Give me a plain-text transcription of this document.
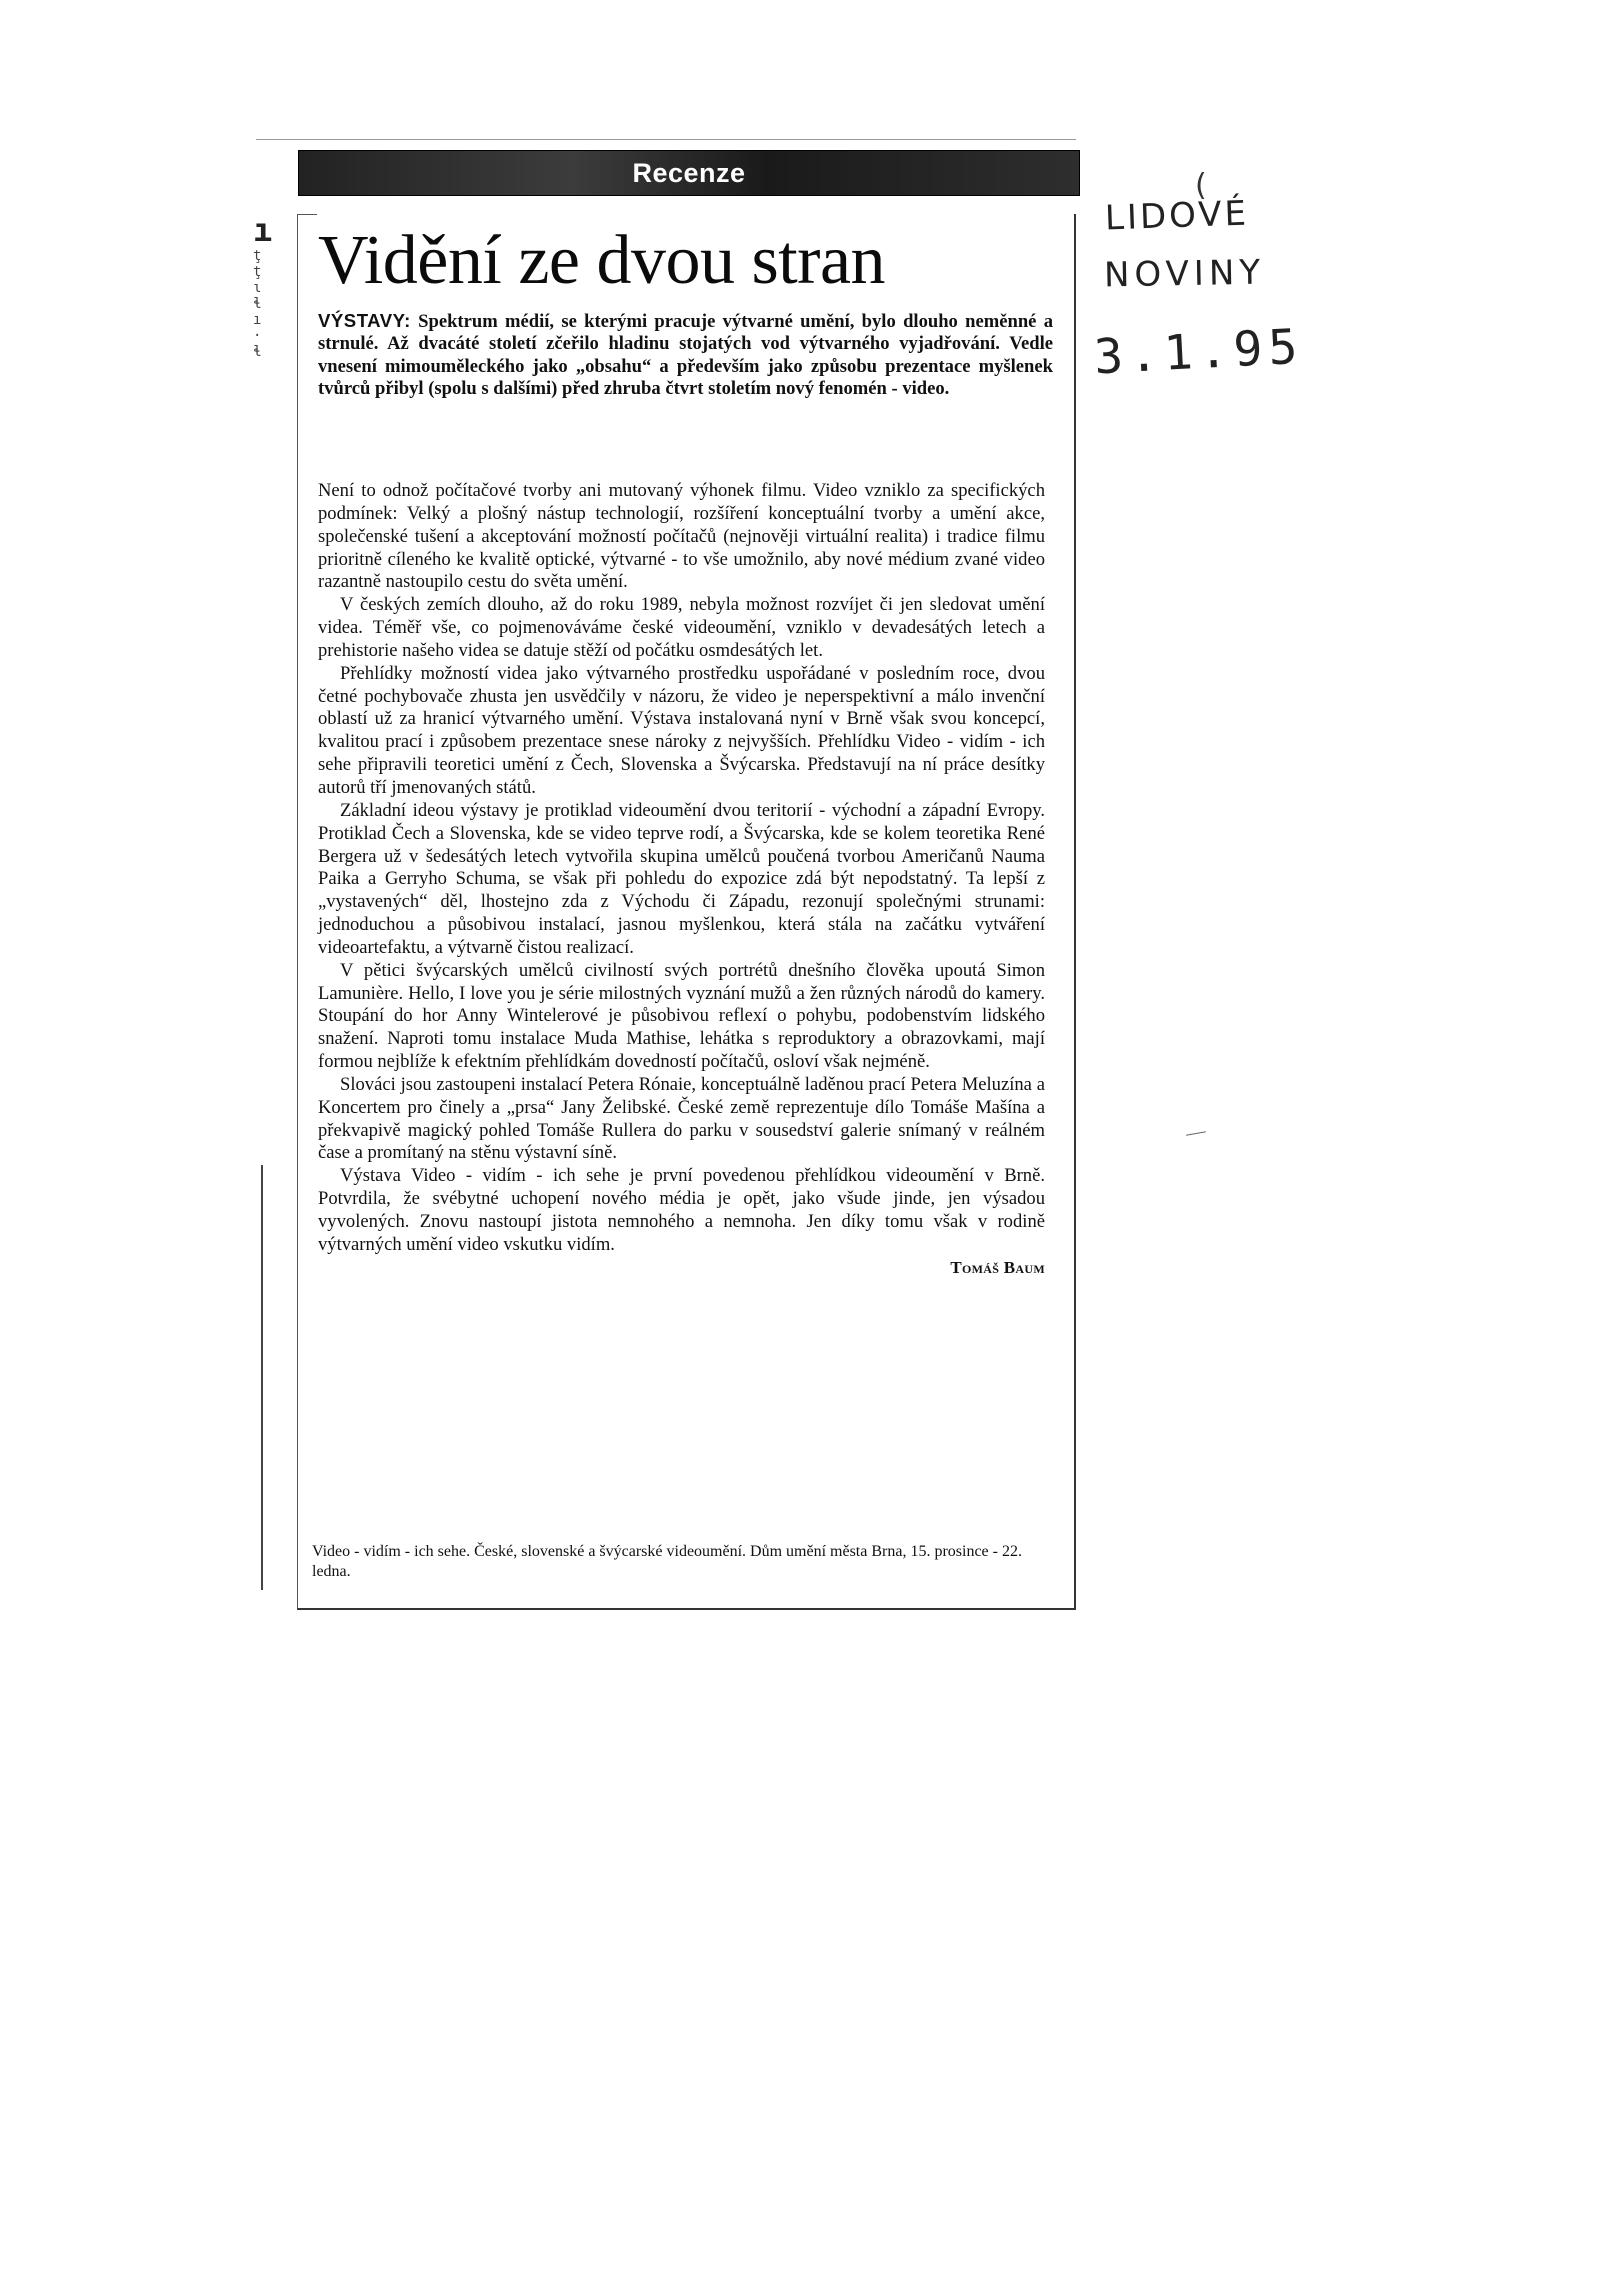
Recenze
Vidění ze dvou stran

VÝSTAVY: Spektrum médií, se kterými pracuje výtvarné umění, bylo dlouho neměnné a strnulé. Až dvacáté století zčeřilo hladinu stojatých vod výtvarného vyjadřování. Vedle vnesení mimouměleckého jako „obsahu“ a především jako způsobu prezentace myšlenek tvůrců přibyl (spolu s dalšími) před zhruba čtvrt stoletím nový fenomén - video.

Není to odnož počítačové tvorby ani mutovaný výhonek filmu. Video vzniklo za specifických podmínek: Velký a plošný nástup technologií, rozšíření konceptuální tvorby a umění akce, společenské tušení a akceptování možností počítačů (nejnověji virtuální realita) i tradice filmu prioritně cíleného ke kvalitě optické, výtvarné - to vše umožnilo, aby nové médium zvané video razantně nastoupilo cestu do světa umění.

V českých zemích dlouho, až do roku 1989, nebyla možnost rozvíjet či jen sledovat umění videa. Téměř vše, co pojmenováváme české videoumění, vzniklo v devadesátých letech a prehistorie našeho videa se datuje stěží od počátku osmdesátých let.

Přehlídky možností videa jako výtvarného prostředku uspořádané v posledním roce, dvou četné pochybovače zhusta jen usvědčily v názoru, že video je neperspektivní a málo invenční oblastí už za hranicí výtvarného umění. Výstava instalovaná nyní v Brně však svou koncepcí, kvalitou prací i způsobem prezentace snese nároky z nejvyšších. Přehlídku Video - vidím - ich sehe připravili teoretici umění z Čech, Slovenska a Švýcarska. Představují na ní práce desítky autorů tří jmenovaných států.

Základní ideou výstavy je protiklad videoumění dvou teritorií - východní a západní Evropy. Protiklad Čech a Slovenska, kde se video teprve rodí, a Švýcarska, kde se kolem teoretika René Bergera už v šedesátých letech vytvořila skupina umělců poučená tvorbou Američanů Nauma Paika a Gerryho Schuma, se však při pohledu do expozice zdá být nepodstatný. Ta lepší z „vystavených“ děl, lhostejno zda z Východu či Západu, rezonují společnými strunami: jednoduchou a působivou instalací, jasnou myšlenkou, která stála na začátku vytváření videoartefaktu, a výtvarně čistou realizací.

V pětici švýcarských umělců civilností svých portrétů dnešního člověka upoutá Simon Lamunière. Hello, I love you je série milostných vyznání mužů a žen různých národů do kamery. Stoupání do hor Anny Wintelerové je působivou reflexí o pohybu, podobenstvím lidského snažení. Naproti tomu instalace Muda Mathise, lehátka s reproduktory a obrazovkami, mají formou nejblíže k efektním přehlídkám dovedností počítačů, osloví však nejméně.

Slováci jsou zastoupeni instalací Petera Rónaie, konceptuálně laděnou prací Petera Meluzína a Koncertem pro činely a „prsa“ Jany Želibské. České země reprezentuje dílo Tomáše Mašína a překvapivě magický pohled Tomáše Rullera do parku v sousedství galerie snímaný v reálném čase a promítaný na stěnu výstavní síně.

Výstava Video - vidím - ich sehe je první povedenou přehlídkou videoumění v Brně. Potvrdila, že svébytné uchopení nového média je opět, jako všude jinde, jen výsadou vyvolených. Znovu nastoupí jistota nemnohého a nemnoha. Jen díky tomu však v rodině výtvarných umění video vskutku vidím.

Tomáš Baum

Video - vidím - ich sehe. České, slovenské a švýcarské videoumění. Dům umění města Brna, 15. prosince - 22. ledna.

(
LIDOVÉ
NOVINY
3.1.95
ı
ţ
ţ
ɩ
ɬ
ı
·
ɬ
